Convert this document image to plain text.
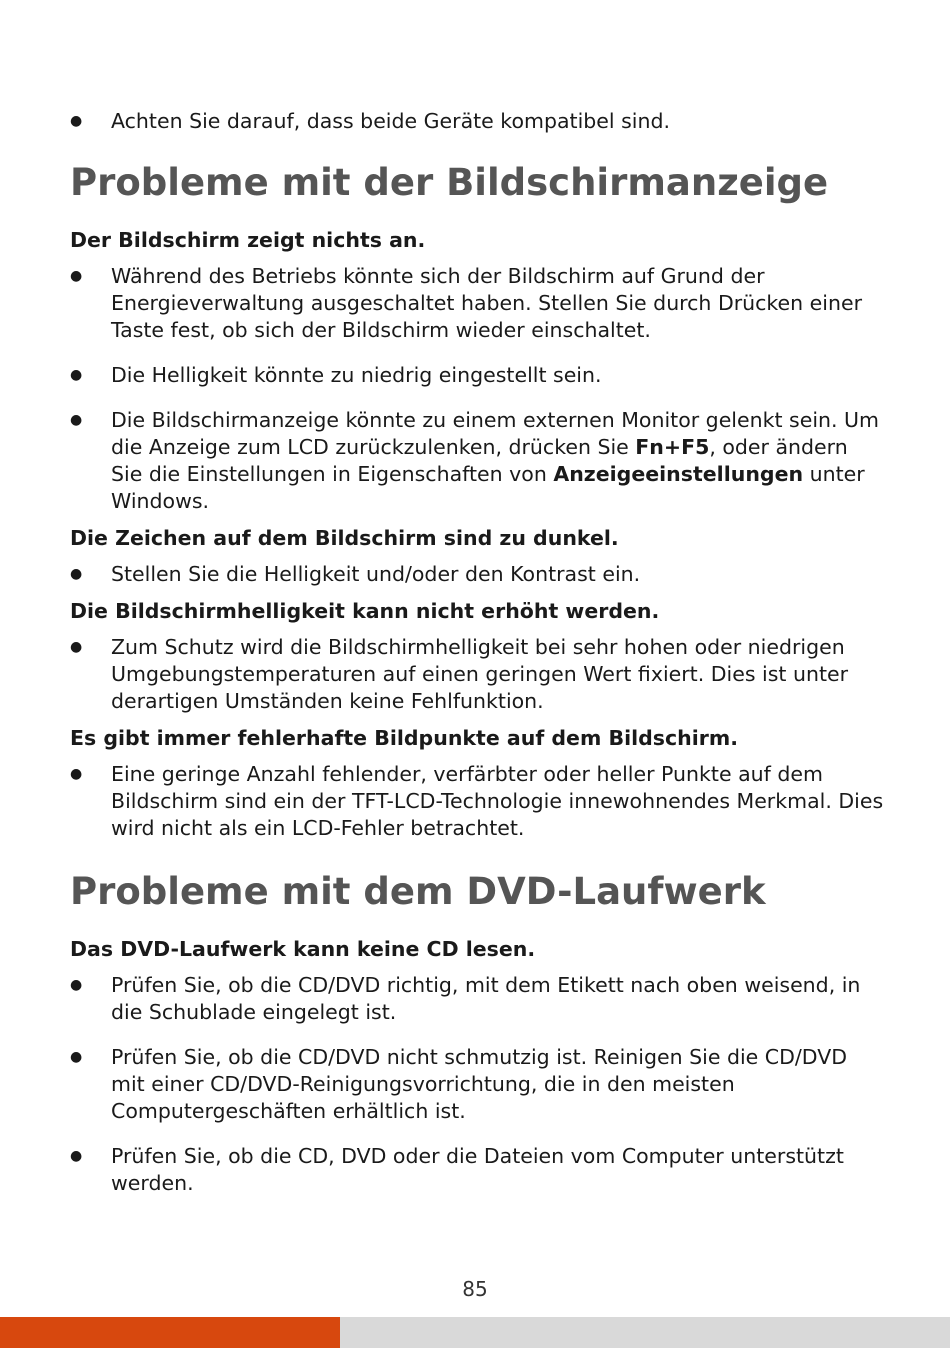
● Achten Sie darauf, dass beide Geräte kompatibel sind.
Probleme mit der Bildschirmanzeige

Der Bildschirm zeigt nichts an.

● Während des Betriebs könnte sich der Bildschirm auf Grund der Energieverwaltung ausgeschaltet haben. Stellen Sie durch Drücken einer Taste fest, ob sich der Bildschirm wieder einschaltet.
● Die Helligkeit könnte zu niedrig eingestellt sein.
● Die Bildschirmanzeige könnte zu einem externen Monitor gelenkt sein. Um die Anzeige zum LCD zurückzulenken, drücken Sie Fn+F5, oder ändern Sie die Einstellungen in Eigenschaften von Anzeigeeinstellungen unter Windows.

Die Zeichen auf dem Bildschirm sind zu dunkel.

● Stellen Sie die Helligkeit und/oder den Kontrast ein.

Die Bildschirmhelligkeit kann nicht erhöht werden.

● Zum Schutz wird die Bildschirmhelligkeit bei sehr hohen oder niedrigen Umgebungstemperaturen auf einen geringen Wert fixiert. Dies ist unter derartigen Umständen keine Fehlfunktion.

Es gibt immer fehlerhafte Bildpunkte auf dem Bildschirm.

● Eine geringe Anzahl fehlender, verfärbter oder heller Punkte auf dem Bildschirm sind ein der TFT-LCD-Technologie innewohnendes Merkmal. Dies wird nicht als ein LCD-Fehler betrachtet.
Probleme mit dem DVD-Laufwerk

Das DVD-Laufwerk kann keine CD lesen.

● Prüfen Sie, ob die CD/DVD richtig, mit dem Etikett nach oben weisend, in die Schublade eingelegt ist.
● Prüfen Sie, ob die CD/DVD nicht schmutzig ist. Reinigen Sie die CD/DVD mit einer CD/DVD-Reinigungsvorrichtung, die in den meisten Computergeschäften erhältlich ist.
● Prüfen Sie, ob die CD, DVD oder die Dateien vom Computer unterstützt werden.
85
